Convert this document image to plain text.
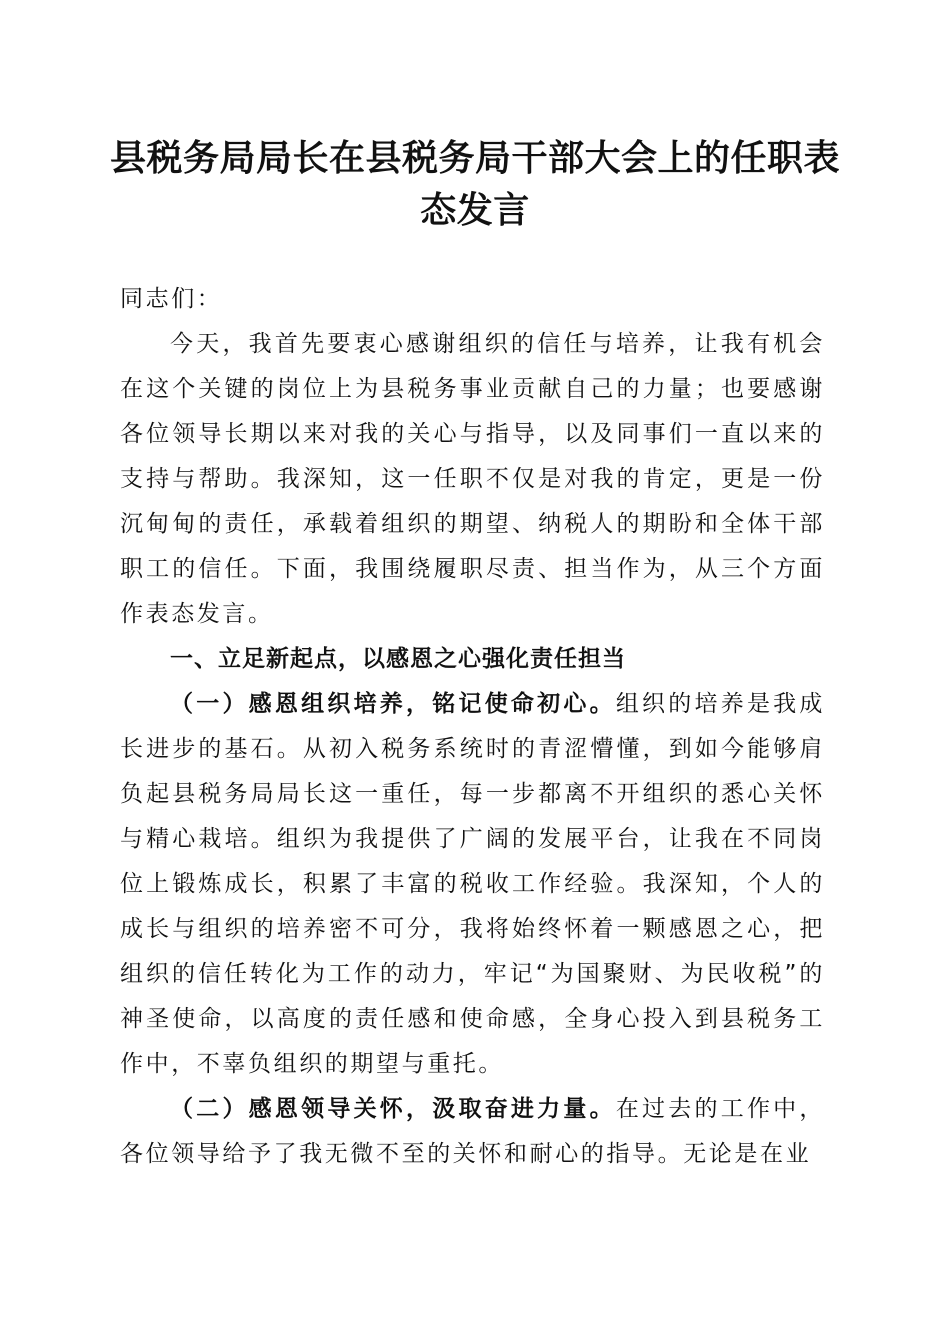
县税务局局长在县税务局干部大会上的任职表态发言

同志们：

今天，我首先要衷心感谢组织的信任与培养，让我有机会在这个关键的岗位上为县税务事业贡献自己的力量；也要感谢各位领导长期以来对我的关心与指导，以及同事们一直以来的支持与帮助。我深知，这一任职不仅是对我的肯定，更是一份沉甸甸的责任，承载着组织的期望、纳税人的期盼和全体干部职工的信任。下面，我围绕履职尽责、担当作为，从三个方面作表态发言。

一、立足新起点，以感恩之心强化责任担当

（一）感恩组织培养，铭记使命初心。组织的培养是我成长进步的基石。从初入税务系统时的青涩懵懂，到如今能够肩负起县税务局局长这一重任，每一步都离不开组织的悉心关怀与精心栽培。组织为我提供了广阔的发展平台，让我在不同岗位上锻炼成长，积累了丰富的税收工作经验。我深知，个人的成长与组织的培养密不可分，我将始终怀着一颗感恩之心，把组织的信任转化为工作的动力，牢记“为国聚财、为民收税”的神圣使命，以高度的责任感和使命感，全身心投入到县税务工作中，不辜负组织的期望与重托。

（二）感恩领导关怀，汲取奋进力量。在过去的工作中，各位领导给予了我无微不至的关怀和耐心的指导。无论是在业
